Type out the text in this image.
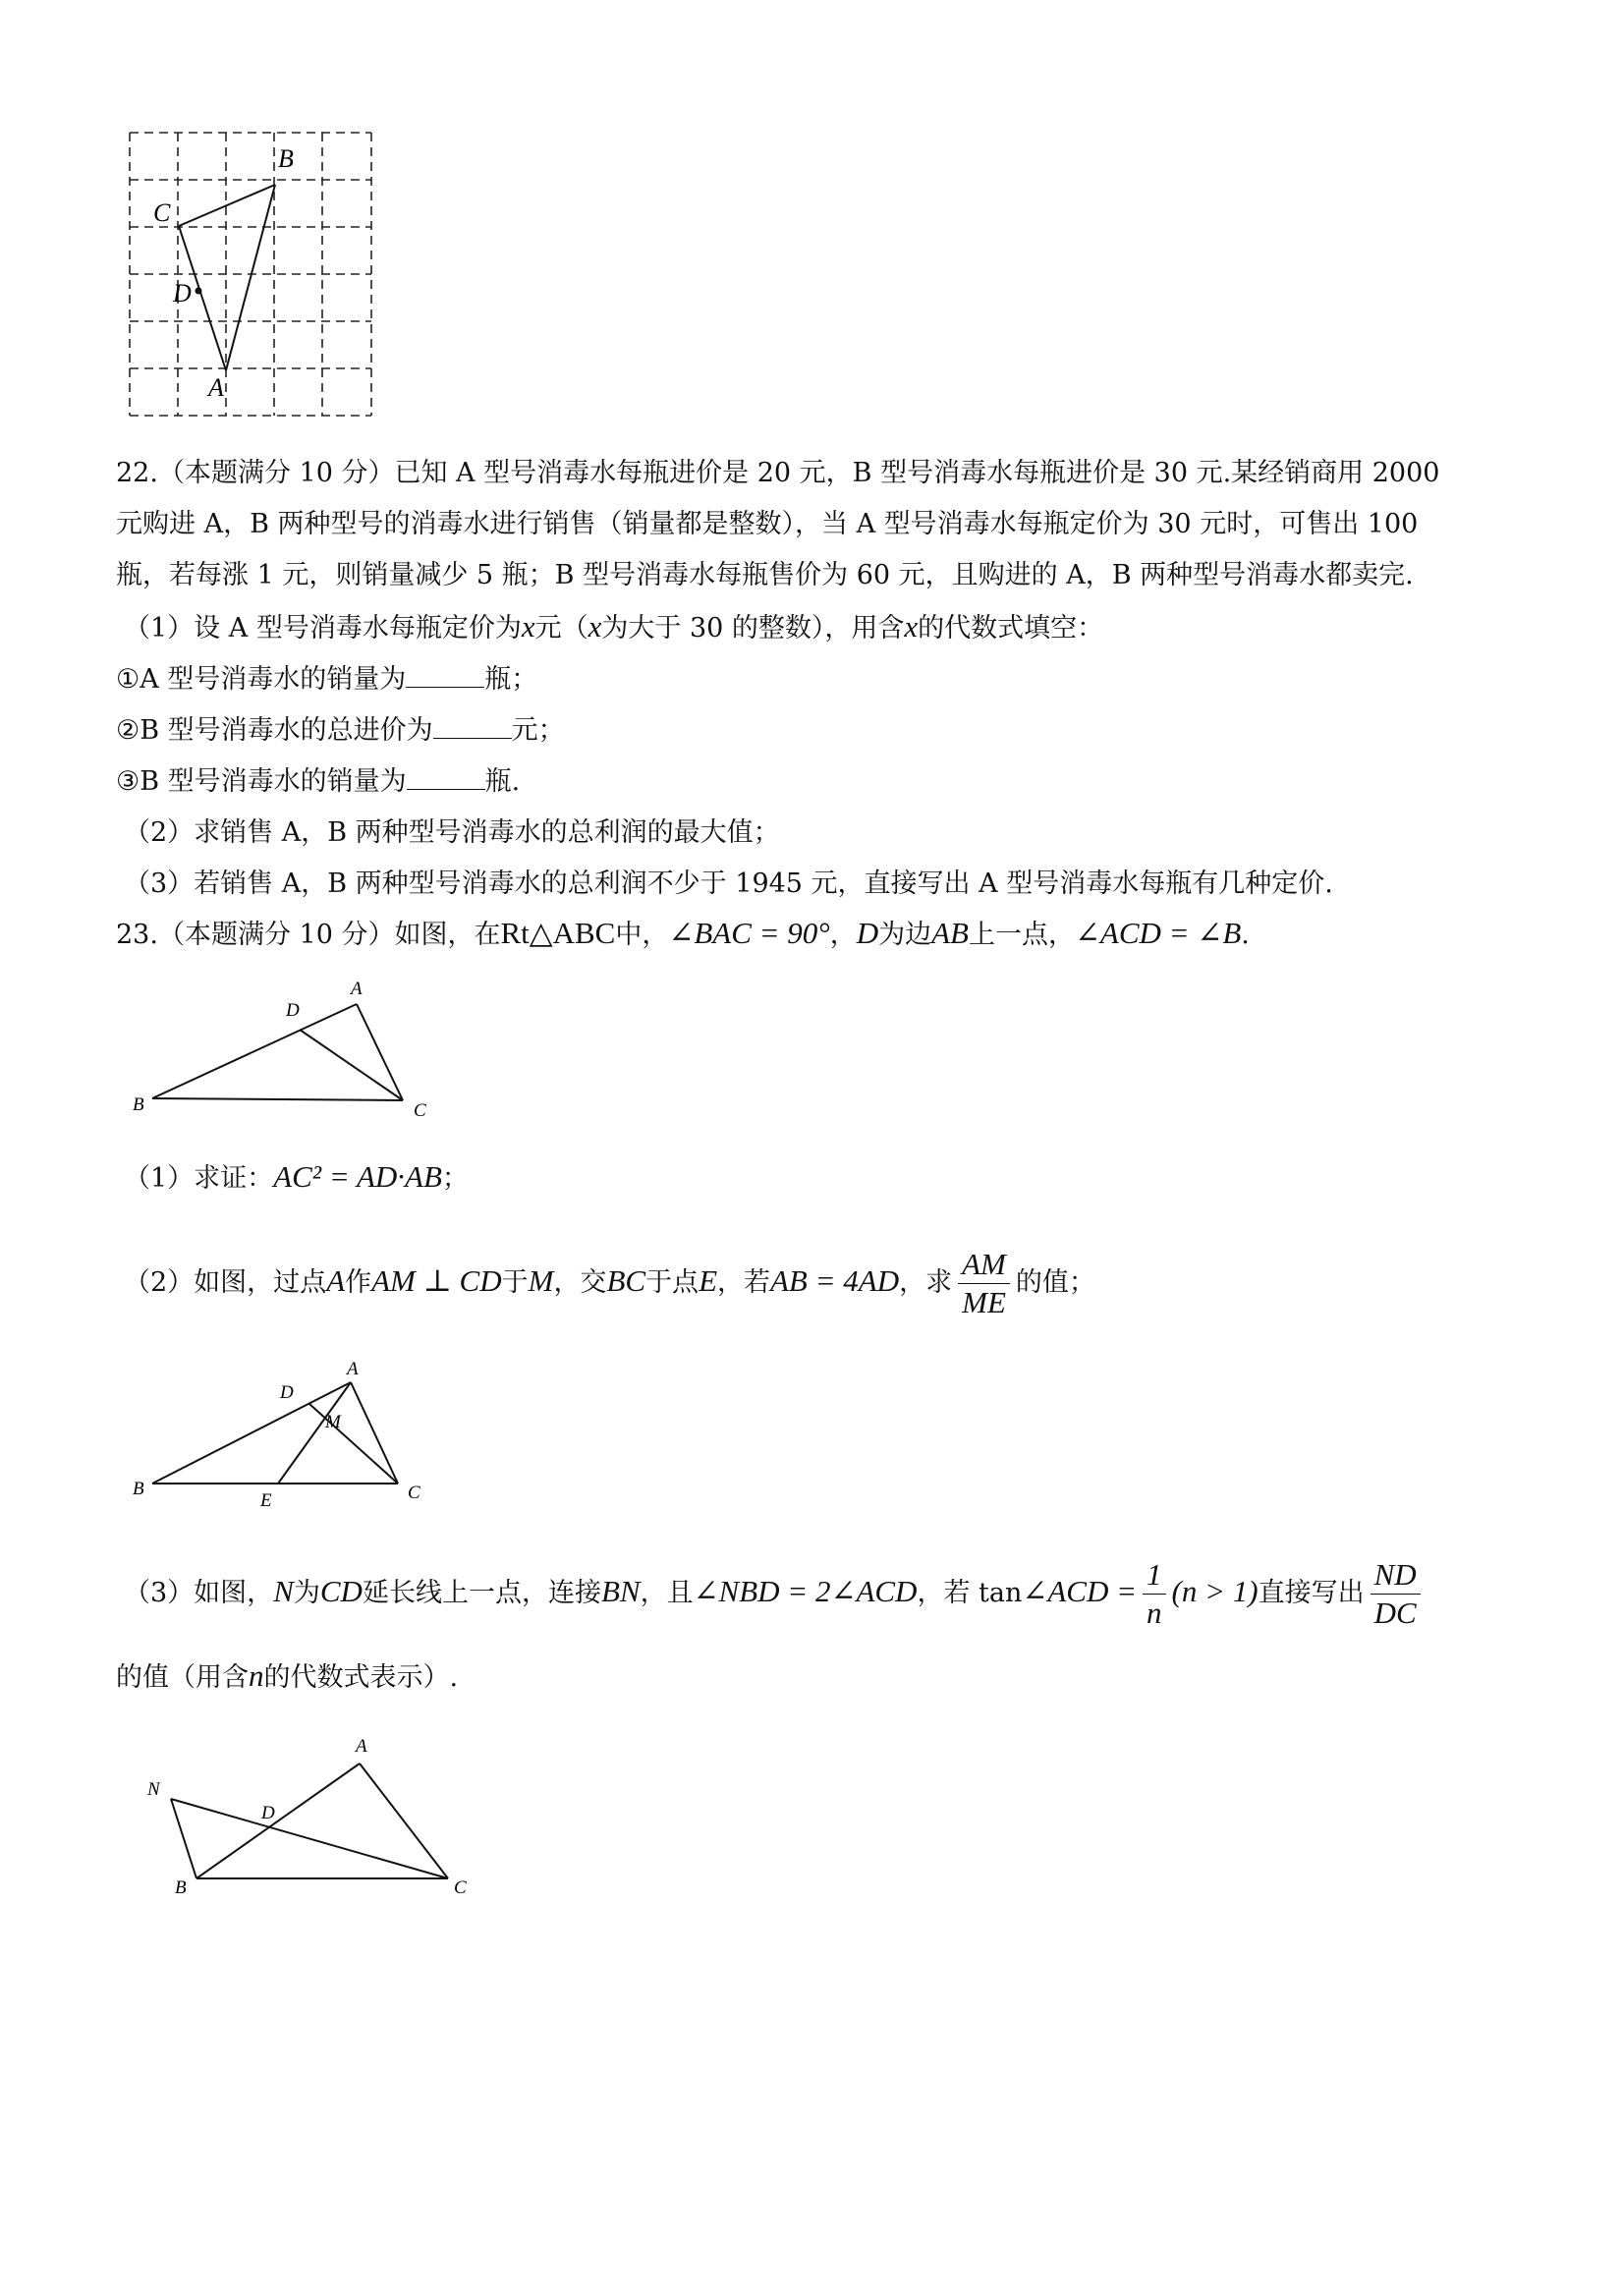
B
C
D
A
22.（本题满分 10 分）已知 A 型号消毒水每瓶进价是 20 元，B 型号消毒水每瓶进价是 30 元.某经销商用 2000
元购进 A，B 两种型号的消毒水进行销售（销量都是整数），当 A 型号消毒水每瓶定价为 30 元时，可售出 100
瓶，若每涨 1 元，则销量减少 5 瓶；B 型号消毒水每瓶售价为 60 元，且购进的 A，B 两种型号消毒水都卖完.
（1）设 A 型号消毒水每瓶定价为x元（x为大于 30 的整数），用含x的代数式填空：
①A 型号消毒水的销量为	瓶；
②B 型号消毒水的总进价为	元；
③B 型号消毒水的销量为	瓶.
（2）求销售 A，B 两种型号消毒水的总利润的最大值；
（3）若销售 A，B 两种型号消毒水的总利润不少于 1945 元，直接写出 A 型号消毒水每瓶有几种定价.
23.（本题满分 10 分）如图，在Rt△ABC中，∠BAC = 90°，D为边AB上一点，∠ACD = ∠B.
A
D
B	C
（1）求证：AC² = AD·AB；
（2）如图，过点A作AM ⊥ CD于M，交BC于点E，若AB = 4AD，求 $\frac{AM}{ME}$ 的值；
A
D
M
B
E	C
（3）如图，N为CD延长线上一点，连接BN，且∠NBD = 2∠ACD，若 tan∠ACD = $\frac{1}{n} (n > 1)$直接写出 $\frac{ND}{DC}$
的值（用含n的代数式表示）.
A
N
D
B	C
